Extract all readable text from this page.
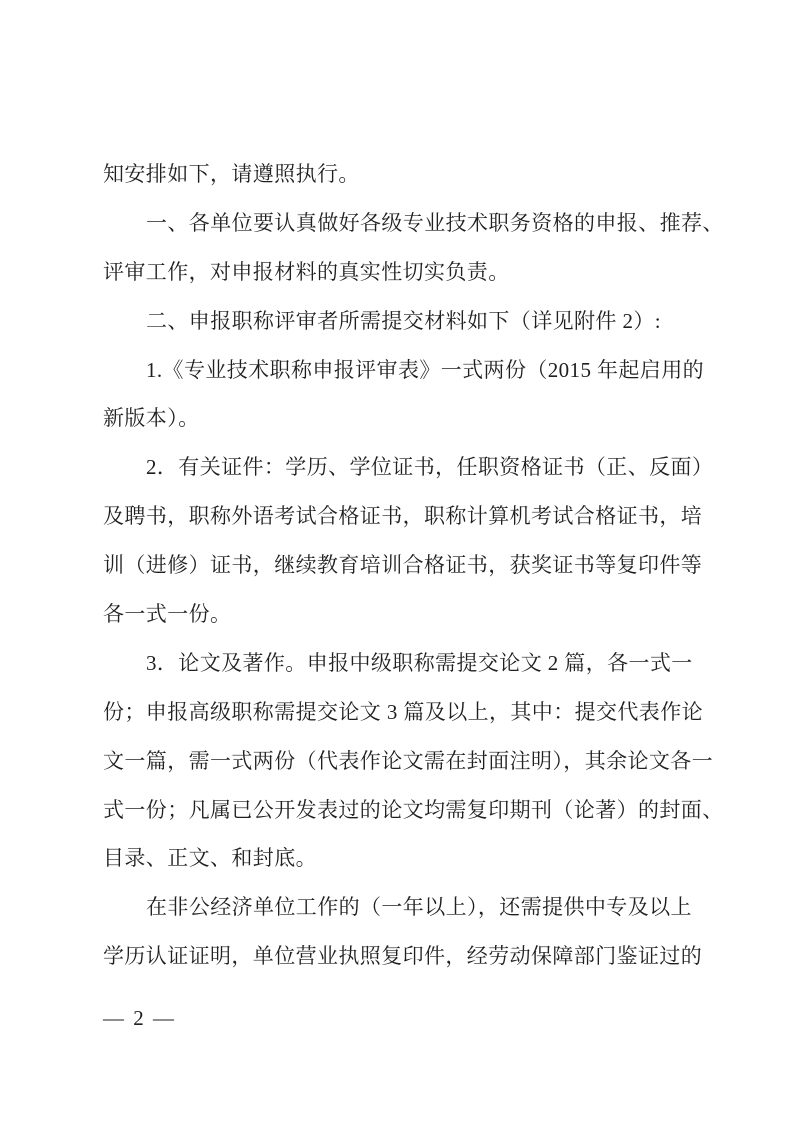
知安排如下，请遵照执行。
一、各单位要认真做好各级专业技术职务资格的申报、推荐、
评审工作，对申报材料的真实性切实负责。
二、申报职称评审者所需提交材料如下（详见附件 2）:
1.《专业技术职称申报评审表》一式两份（2015 年起启用的
新版本）。
2．有关证件：学历、学位证书，任职资格证书（正、反面）
及聘书，职称外语考试合格证书，职称计算机考试合格证书，培
训（进修）证书，继续教育培训合格证书，获奖证书等复印件等
各一式一份。
3．论文及著作。申报中级职称需提交论文 2 篇，各一式一
份；申报高级职称需提交论文 3 篇及以上，其中：提交代表作论
文一篇，需一式两份（代表作论文需在封面注明），其余论文各一
式一份；凡属已公开发表过的论文均需复印期刊（论著）的封面、
目录、正文、和封底。
在非公经济单位工作的（一年以上），还需提供中专及以上
学历认证证明，单位营业执照复印件，经劳动保障部门鉴证过的
— 2 —
